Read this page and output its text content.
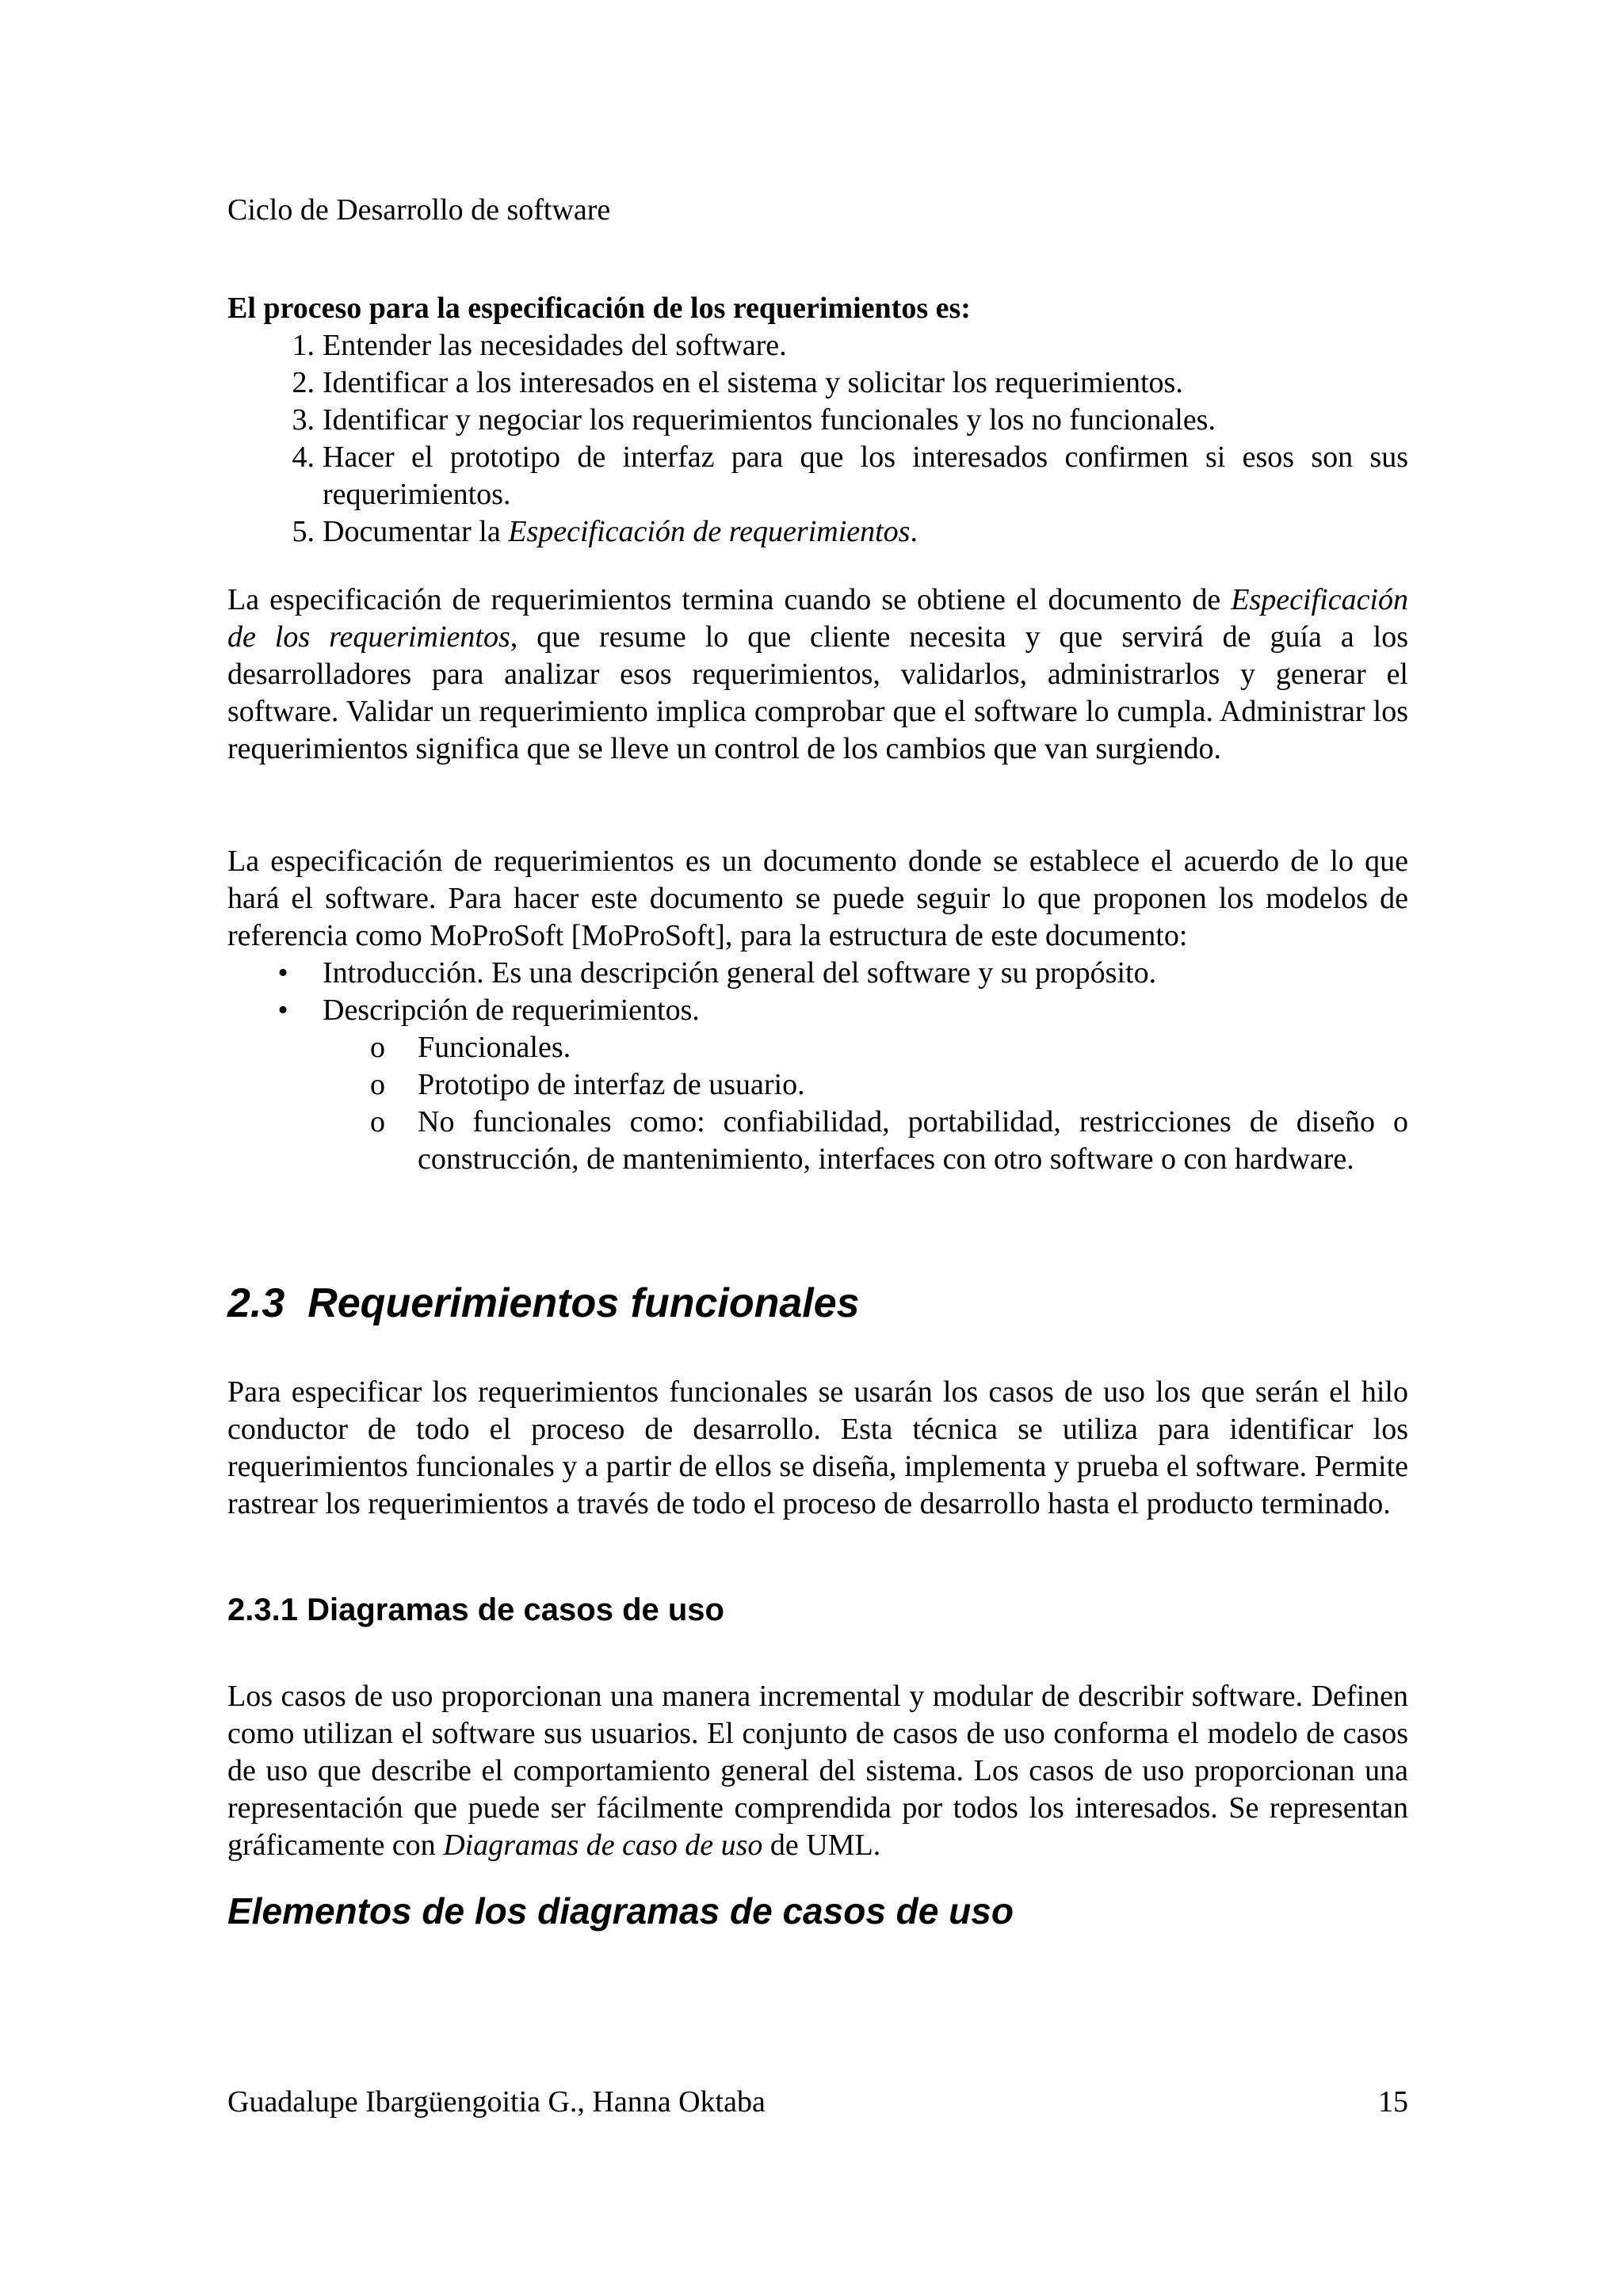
Ciclo de Desarrollo de software

El proceso para la especificación de los requerimientos es:

1. Entender las necesidades del software.
2. Identificar a los interesados en el sistema y solicitar los requerimientos.
3. Identificar y negociar los requerimientos funcionales y los no funcionales.
4. Hacer el prototipo de interfaz para que los interesados confirmen si esos son sus requerimientos.
5. Documentar la Especificación de requerimientos.

La especificación de requerimientos termina cuando se obtiene el documento de Especificación de los requerimientos, que resume lo que cliente necesita y que servirá de guía a los desarrolladores para analizar esos requerimientos, validarlos, administrarlos y generar el software. Validar un requerimiento implica comprobar que el software lo cumpla. Administrar los requerimientos significa que se lleve un control de los cambios que van surgiendo.

La especificación de requerimientos es un documento donde se establece el acuerdo de lo que hará el software. Para hacer este documento se puede seguir lo que proponen los modelos de referencia como MoProSoft [MoProSoft], para la estructura de este documento:

• Introducción. Es una descripción general del software y su propósito.
• Descripción de requerimientos.
o Funcionales.
o Prototipo de interfaz de usuario.
o No funcionales como: confiabilidad, portabilidad, restricciones de diseño o construcción, de mantenimiento, interfaces con otro software o con hardware.
2.3 Requerimientos funcionales

Para especificar los requerimientos funcionales se usarán los casos de uso los que serán el hilo conductor de todo el proceso de desarrollo. Esta técnica se utiliza para identificar los requerimientos funcionales y a partir de ellos se diseña, implementa y prueba el software. Permite rastrear los requerimientos a través de todo el proceso de desarrollo hasta el producto terminado.

2.3.1 Diagramas de casos de uso

Los casos de uso proporcionan una manera incremental y modular de describir software. Definen como utilizan el software sus usuarios. El conjunto de casos de uso conforma el modelo de casos de uso que describe el comportamiento general del sistema. Los casos de uso proporcionan una representación que puede ser fácilmente comprendida por todos los interesados. Se representan gráficamente con Diagramas de caso de uso de UML.

Elementos de los diagramas de casos de uso
Guadalupe Ibargüengoitia G., Hanna Oktaba	15
